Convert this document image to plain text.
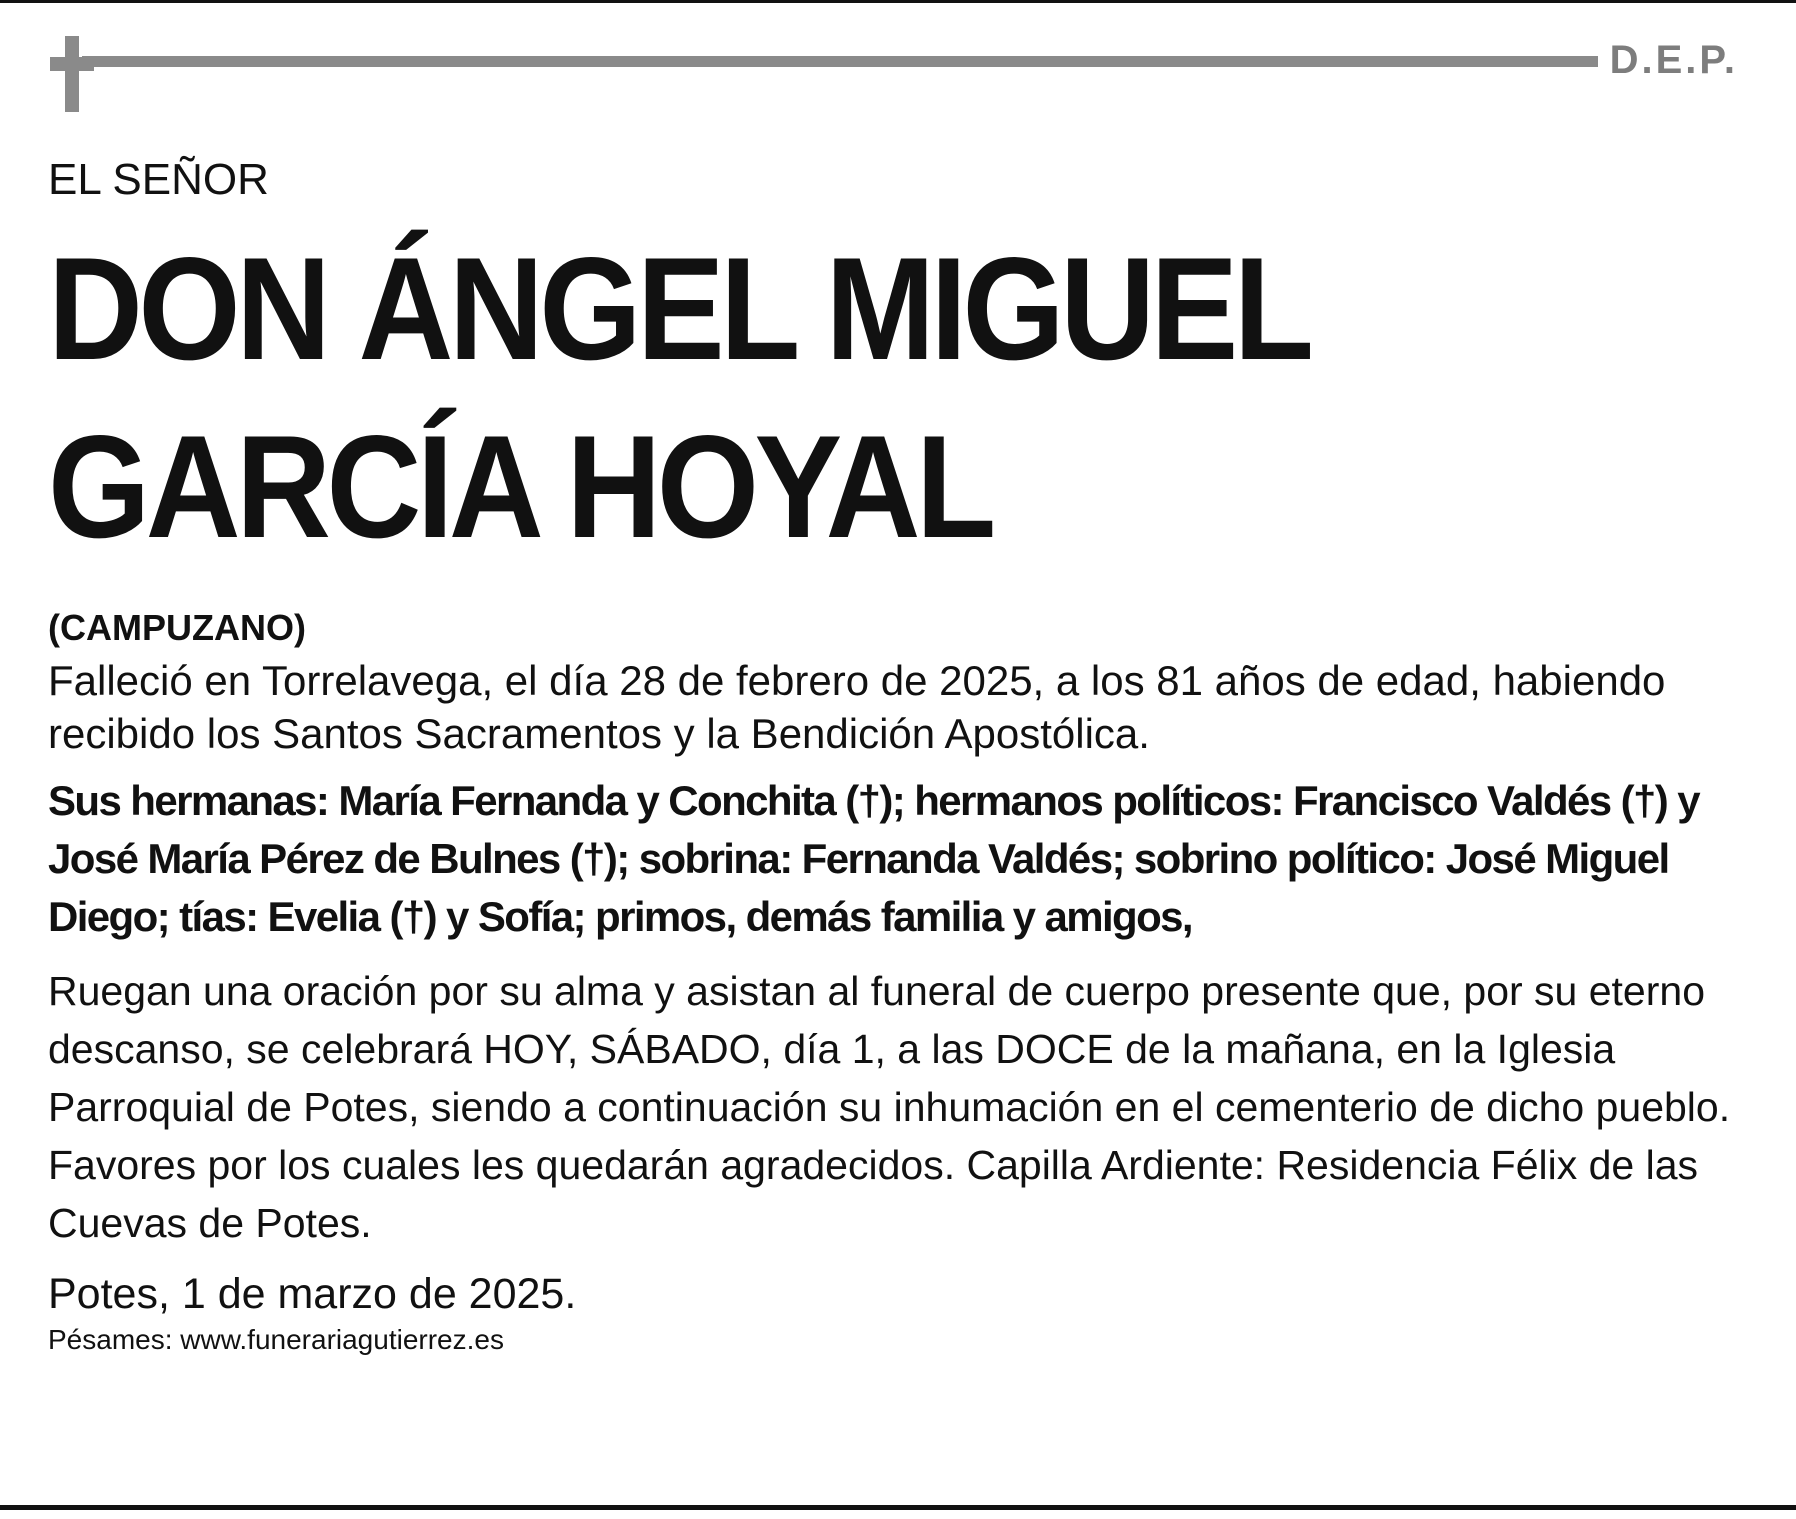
D.E.P.

EL SEÑOR

DON ÁNGEL MIGUEL
GARCÍA HOYAL

(CAMPUZANO)

Falleció en Torrelavega, el día 28 de febrero de 2025, a los 81 años de edad, habiendo recibido los Santos Sacramentos y la Bendición Apostólica.

Sus hermanas: María Fernanda y Conchita (†); hermanos políticos: Francisco Valdés (†) y José María Pérez de Bulnes (†); sobrina: Fernanda Valdés; sobrino político: José Miguel Diego; tías: Evelia (†) y Sofía; primos, demás familia y amigos,

Ruegan una oración por su alma y asistan al funeral de cuerpo presente que, por su eterno descanso, se celebrará HOY, SÁBADO, día 1, a las DOCE de la mañana, en la Iglesia Parroquial de Potes, siendo a continuación su inhumación en el cementerio de dicho pueblo. Favores por los cuales les quedarán agradecidos. Capilla Ardiente: Residencia Félix de las Cuevas de Potes.

Potes, 1 de marzo de 2025.

Pésames: www.funerariagutierrez.es
